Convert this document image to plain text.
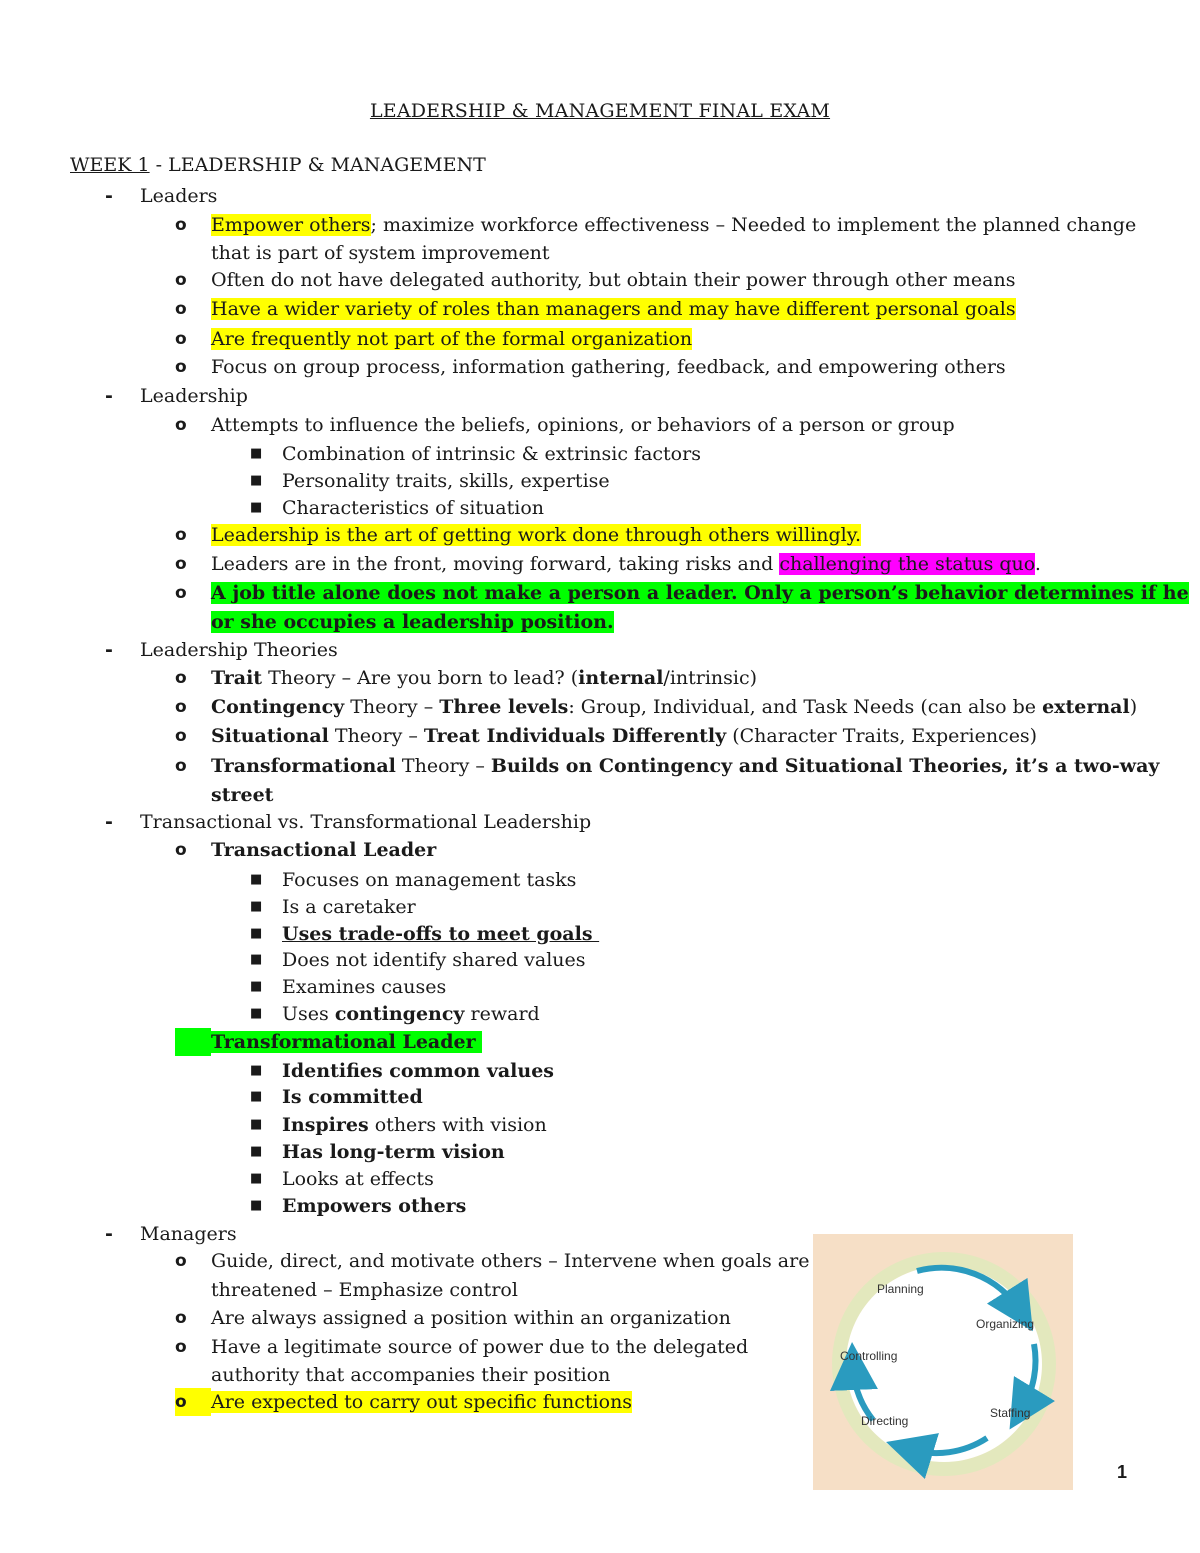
LEADERSHIP & MANAGEMENT FINAL EXAM
WEEK 1 - LEADERSHIP & MANAGEMENT
- Leaders
o Empower others; maximize workforce effectiveness – Needed to implement the planned change
that is part of system improvement
o Often do not have delegated authority, but obtain their power through other means
o Have a wider variety of roles than managers and may have different personal goals
o Are frequently not part of the formal organization
o Focus on group process, information gathering, feedback, and empowering others
- Leadership
o Attempts to influence the beliefs, opinions, or behaviors of a person or group
■ Combination of intrinsic & extrinsic factors
■ Personality traits, skills, expertise
■ Characteristics of situation
o Leadership is the art of getting work done through others willingly.
o Leaders are in the front, moving forward, taking risks and challenging the status quo.
o A job title alone does not make a person a leader. Only a person’s behavior determines if he
or she occupies a leadership position.
- Leadership Theories
o Trait Theory – Are you born to lead? (internal/intrinsic)
o Contingency Theory – Three levels: Group, Individual, and Task Needs (can also be external)
o Situational Theory – Treat Individuals Differently (Character Traits, Experiences)
o Transformational Theory – Builds on Contingency and Situational Theories, it’s a two-way
street
- Transactional vs. Transformational Leadership
o Transactional Leader
■ Focuses on management tasks
■ Is a caretaker
■ Uses trade-offs to meet goals
■ Does not identify shared values
■ Examines causes
■ Uses contingency reward
Transformational Leader
■ Identifies common values
■ Is committed
■ Inspires others with vision
■ Has long-term vision
■ Looks at effects
■ Empowers others
- Managers
o Guide, direct, and motivate others – Intervene when goals are
threatened – Emphasize control
o Are always assigned a position within an organization
o Have a legitimate source of power due to the delegated
authority that accompanies their position
o Are expected to carry out specific functions
Planning
Organizing
Staffing
Directing
Controlling
1
